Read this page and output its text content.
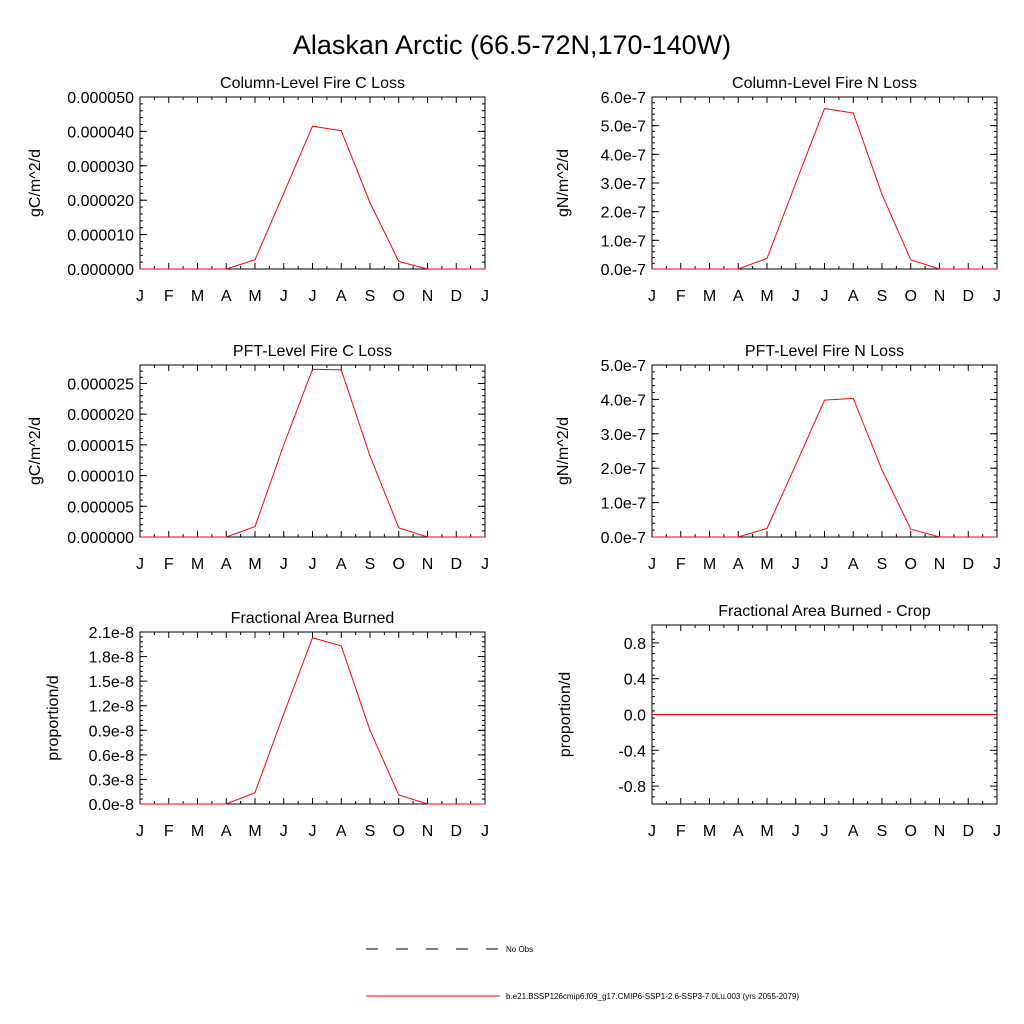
Alaskan Arctic (66.5-72N,170-140W)
Column-Level Fire C Loss
gC/m^2/d
J F M A M J J A S O N D J
0.000000
0.000010
0.000020
0.000030
0.000040
0.000050
Column-Level Fire N Loss
gN/m^2/d
J F M A M J J A S O N D J
0.0e-7
1.0e-7
2.0e-7
3.0e-7
4.0e-7
5.0e-7
6.0e-7
PFT-Level Fire C Loss
gC/m^2/d
J F M A M J J A S O N D J
0.000000
0.000005
0.000010
0.000015
0.000020
0.000025
PFT-Level Fire N Loss
gN/m^2/d
J F M A M J J A S O N D J
0.0e-7
1.0e-7
2.0e-7
3.0e-7
4.0e-7
5.0e-7
Fractional Area Burned
proportion/d
J F M A M J J A S O N D J
0.0e-8
0.3e-8
0.6e-8
0.9e-8
1.2e-8
1.5e-8
1.8e-8
2.1e-8
Fractional Area Burned - Crop
proportion/d
J F M A M J J A S O N D J
-0.8
-0.4
0.0
0.4
0.8
No Obs
b.e21.BSSP126cmip6.f09_g17.CMIP6-SSP1-2.6-SSP3-7.0Lu.003 (yrs 2055-2079)
